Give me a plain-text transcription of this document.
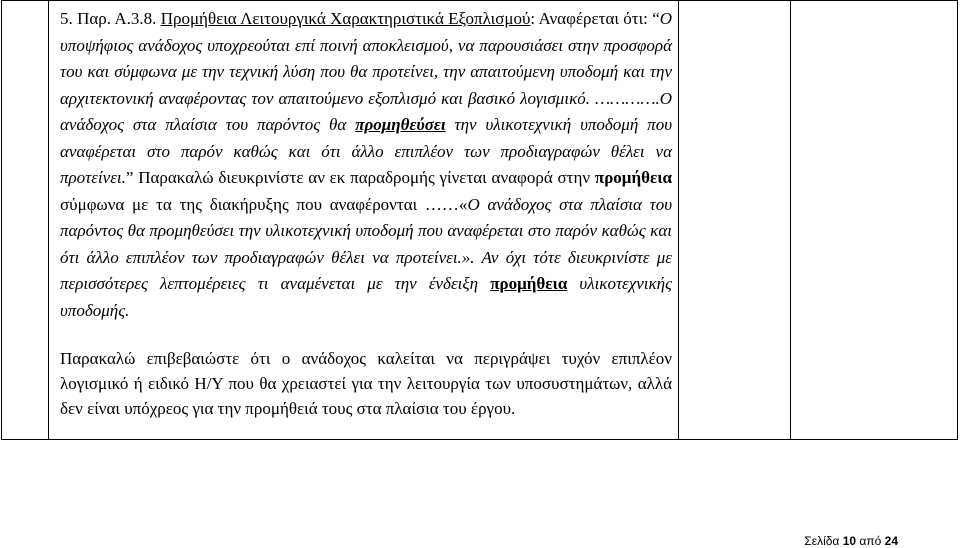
5. Παρ. Α.3.8. Προμήθεια Λειτουργικά Χαρακτηριστικά Εξοπλισμού: Αναφέρεται ότι: “Ο υποψήφιος ανάδοχος υποχρεούται επί ποινή αποκλεισμού, να παρουσιάσει στην προσφορά του και σύμφωνα με την τεχνική λύση που θα προτείνει, την απαιτούμενη υποδομή και την αρχιτεκτονική αναφέροντας τον απαιτούμενο εξοπλισμό και βασικό λογισμικό. ………….Ο ανάδοχος στα πλαίσια του παρόντος θα προμηθεύσει την υλικοτεχνική υποδομή που αναφέρεται στο παρόν καθώς και ότι άλλο επιπλέον των προδιαγραφών θέλει να προτείνει.” Παρακαλώ διευκρινίστε αν εκ παραδρομής γίνεται αναφορά στην προμήθεια σύμφωνα με τα της διακήρυξης που αναφέρονται ……«Ο ανάδοχος στα πλαίσια του παρόντος θα προμηθεύσει την υλικοτεχνική υποδομή που αναφέρεται στο παρόν καθώς και ότι άλλο επιπλέον των προδιαγραφών θέλει να προτείνει.». Αν όχι τότε διευκρινίστε με περισσότερες λεπτομέρειες τι αναμένεται με την ένδειξη προμήθεια υλικοτεχνικής υποδομής.

Παρακαλώ επιβεβαιώστε ότι ο ανάδοχος καλείται να περιγράψει τυχόν επιπλέον λογισμικό ή ειδικό Η/Υ που θα χρειαστεί για την λειτουργία των υποσυστημάτων, αλλά δεν είναι υπόχρεος για την προμήθειά τους στα πλαίσια του έργου.

Σελίδα 10 από 24
